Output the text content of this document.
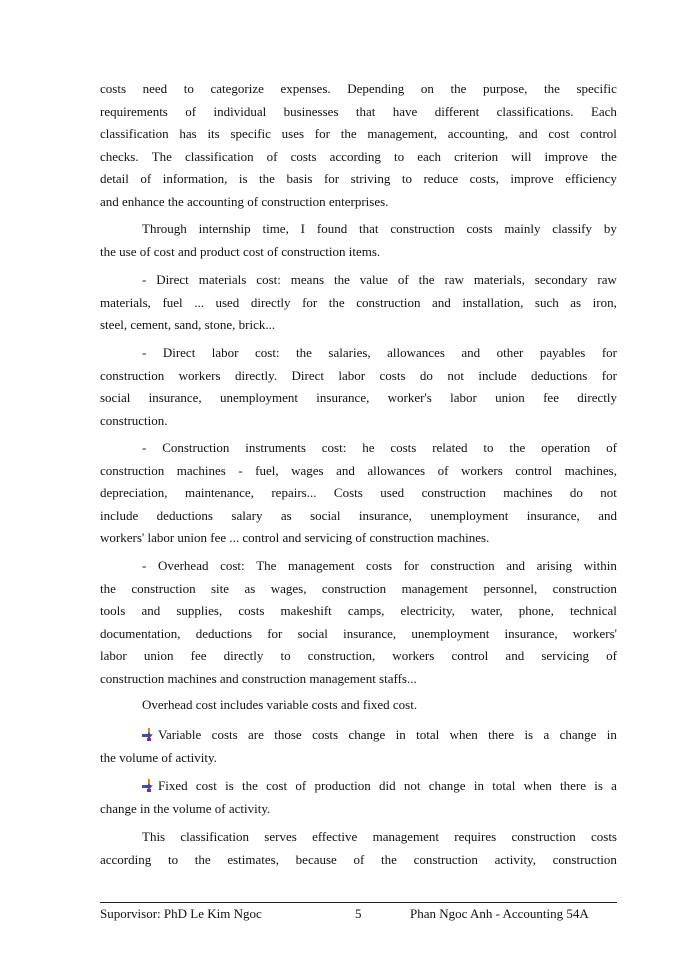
costs need to categorize expenses. Depending on the purpose, the specific
requirements of individual businesses that have different classifications. Each
classification has its specific uses for the management, accounting, and cost control
checks. The classification of costs according to each criterion will improve the
detail of information, is the basis for striving to reduce costs, improve efficiency
and enhance the accounting of construction enterprises.
Through internship time, I found that construction costs mainly classify by
the use of cost and product cost of construction items.
- Direct materials cost: means the value of the raw materials, secondary raw
materials, fuel ... used directly for the construction and installation, such as iron,
steel, cement, sand, stone, brick...
- Direct labor cost: the salaries, allowances and other payables for
construction workers directly. Direct labor costs do not include deductions for
social insurance, unemployment insurance, worker's labor union fee directly
construction.
- Construction instruments cost: he costs related to the operation of
construction machines - fuel, wages and allowances of workers control machines,
depreciation, maintenance, repairs... Costs used construction machines do not
include deductions salary as social insurance, unemployment insurance, and
workers' labor union fee ... control and servicing of construction machines.
- Overhead cost: The management costs for construction and arising within
the construction site as wages, construction management personnel, construction
tools and supplies, costs makeshift camps, electricity, water, phone, technical
documentation, deductions for social insurance, unemployment insurance, workers'
labor union fee directly to construction, workers control and servicing of
construction machines and construction management staffs...
Overhead cost includes variable costs and fixed cost.
Variable costs are those costs change in total when there is a change in
the volume of activity.
Fixed cost is the cost of production did not change in total when there is a
change in the volume of activity.
This classification serves effective management requires construction costs
according to the estimates, because of the construction activity, construction
Suporvisor: PhD Le Kim Ngoc	5	Phan Ngoc Anh - Accounting 54A
